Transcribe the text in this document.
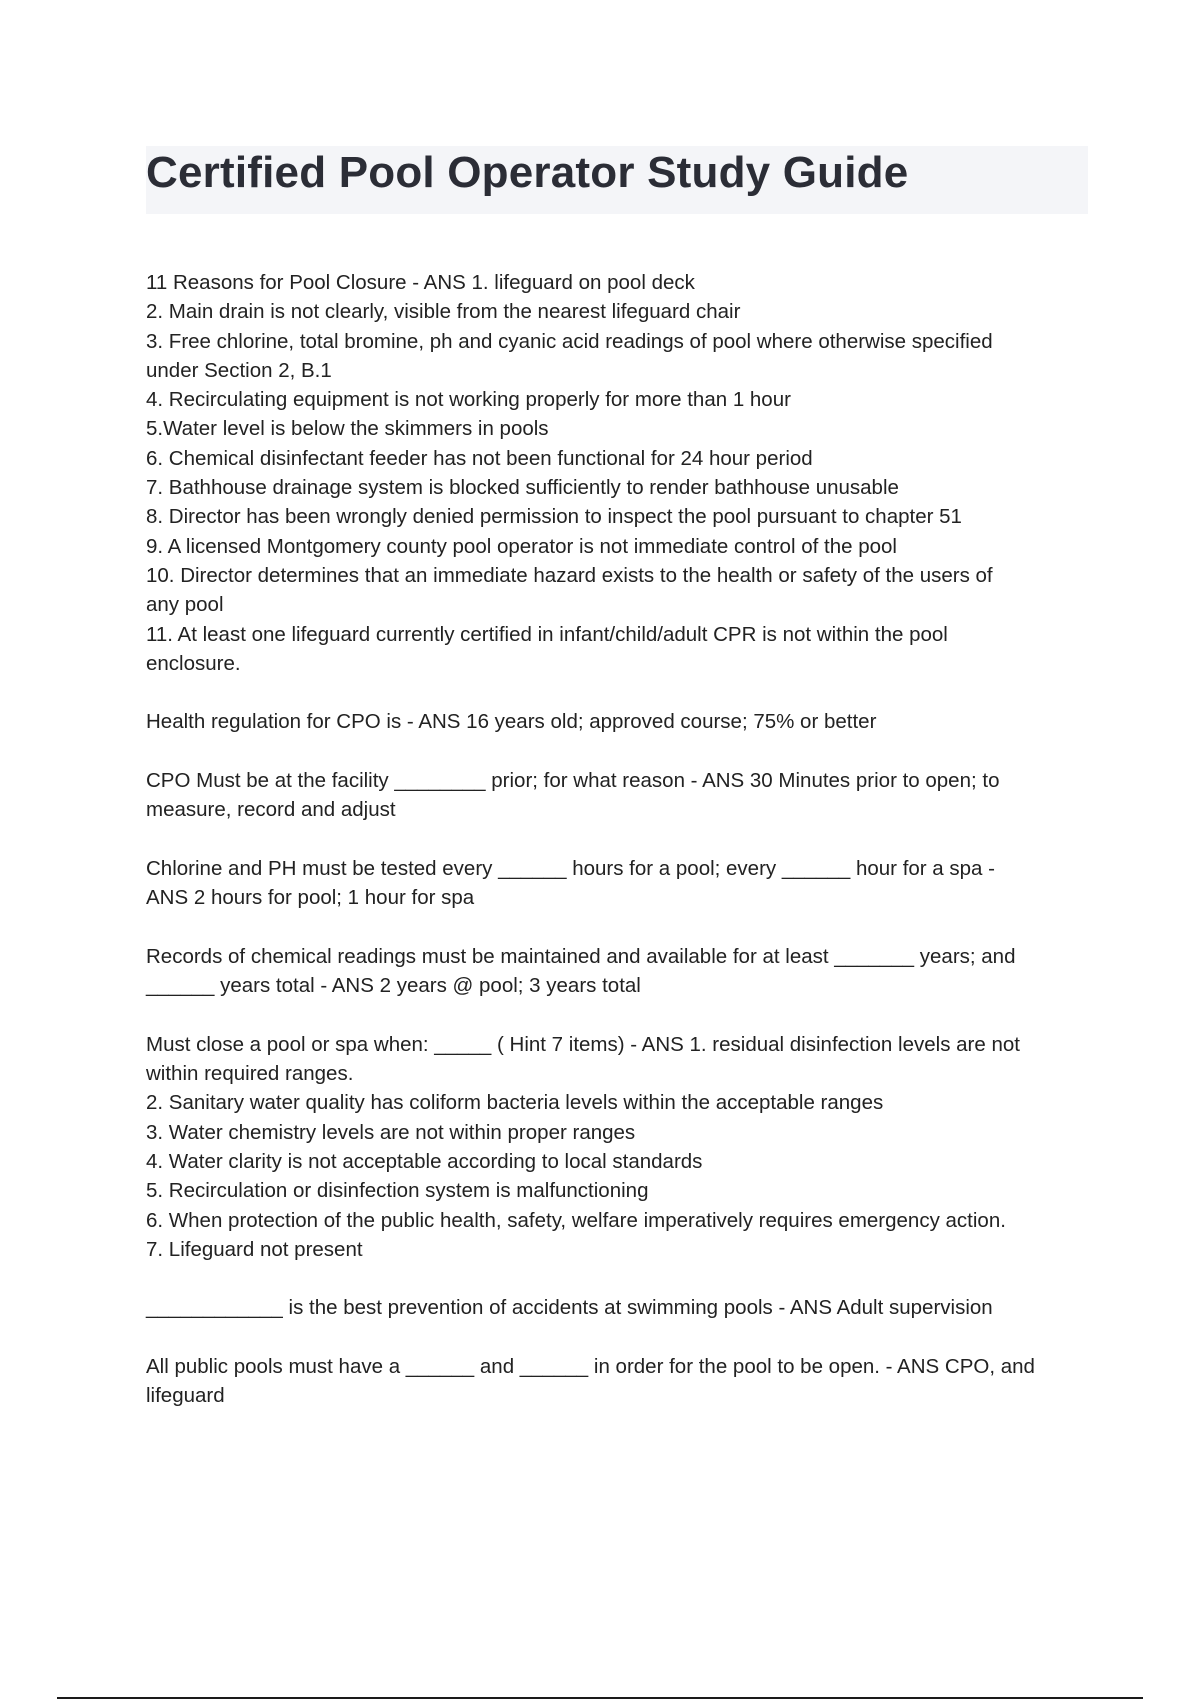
Certified Pool Operator Study Guide
11 Reasons for Pool Closure - ANS 1. lifeguard on pool deck
2. Main drain is not clearly, visible from the nearest lifeguard chair
3. Free chlorine, total bromine, ph and cyanic acid readings of pool where otherwise specified
under Section 2, B.1
4. Recirculating equipment is not working properly for more than 1 hour
5.Water level is below the skimmers in pools
6. Chemical disinfectant feeder has not been functional for 24 hour period
7. Bathhouse drainage system is blocked sufficiently to render bathhouse unusable
8. Director has been wrongly denied permission to inspect the pool pursuant to chapter 51
9. A licensed Montgomery county pool operator is not immediate control of the pool
10. Director determines that an immediate hazard exists to the health or safety of the users of
any pool
11. At least one lifeguard currently certified in infant/child/adult CPR is not within the pool
enclosure.
Health regulation for CPO is - ANS 16 years old; approved course; 75% or better
CPO Must be at the facility ________ prior; for what reason - ANS 30 Minutes prior to open; to
measure, record and adjust
Chlorine and PH must be tested every ______ hours for a pool; every ______ hour for a spa -
ANS 2 hours for pool; 1 hour for spa
Records of chemical readings must be maintained and available for at least _______ years; and
______ years total - ANS 2 years @ pool; 3 years total
Must close a pool or spa when: _____ ( Hint 7 items) - ANS 1. residual disinfection levels are not
within required ranges.
2. Sanitary water quality has coliform bacteria levels within the acceptable ranges
3. Water chemistry levels are not within proper ranges
4. Water clarity is not acceptable according to local standards
5. Recirculation or disinfection system is malfunctioning
6. When protection of the public health, safety, welfare imperatively requires emergency action.
7. Lifeguard not present
____________ is the best prevention of accidents at swimming pools - ANS Adult supervision
All public pools must have a ______ and ______ in order for the pool to be open. - ANS CPO, and
lifeguard
